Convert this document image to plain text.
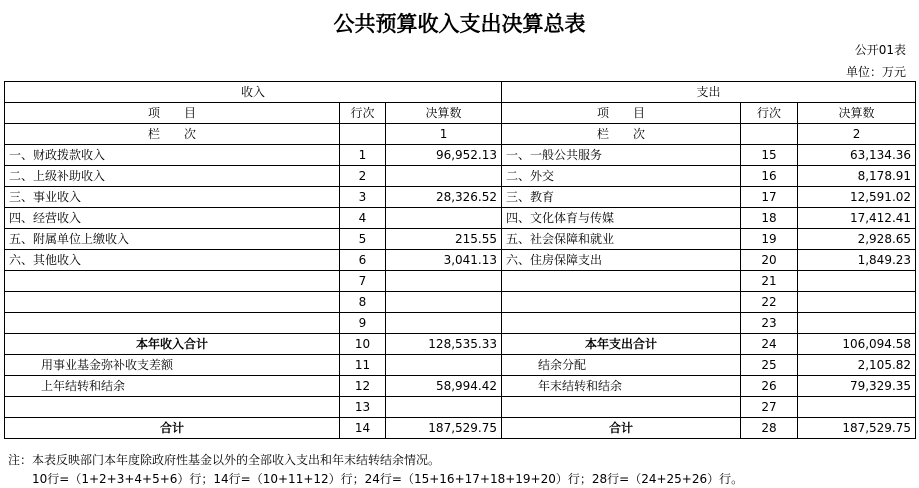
公共预算收入支出决算总表
公开01表
单位：万元
收入			支出		
项　　目	行次	决算数	项　　目	行次	决算数
栏　　次		1	栏　　次		2
一、财政拨款收入	1	96,952.13	一、一般公共服务	15	63,134.36
二、上级补助收入	2		二、外交	16	8,178.91
三、事业收入	3	28,326.52	三、教育	17	12,591.02
四、经营收入	4		四、文化体育与传媒	18	17,412.41
五、附属单位上缴收入	5	215.55	五、社会保障和就业	19	2,928.65
六、其他收入	6	3,041.13	六、住房保障支出	20	1,849.23
	7			21	
	8			22	
	9			23	
本年收入合计	10	128,535.33	本年支出合计	24	106,094.58
用事业基金弥补收支差额	11		结余分配	25	2,105.82
上年结转和结余	12	58,994.42	年末结转和结余	26	79,329.35
	13			27	
合计	14	187,529.75	合计	28	187,529.75
注：本表反映部门本年度除政府性基金以外的全部收入支出和年末结转结余情况。
10行=（1+2+3+4+5+6）行；14行=（10+11+12）行；24行=（15+16+17+18+19+20）行；28行=（24+25+26）行。
